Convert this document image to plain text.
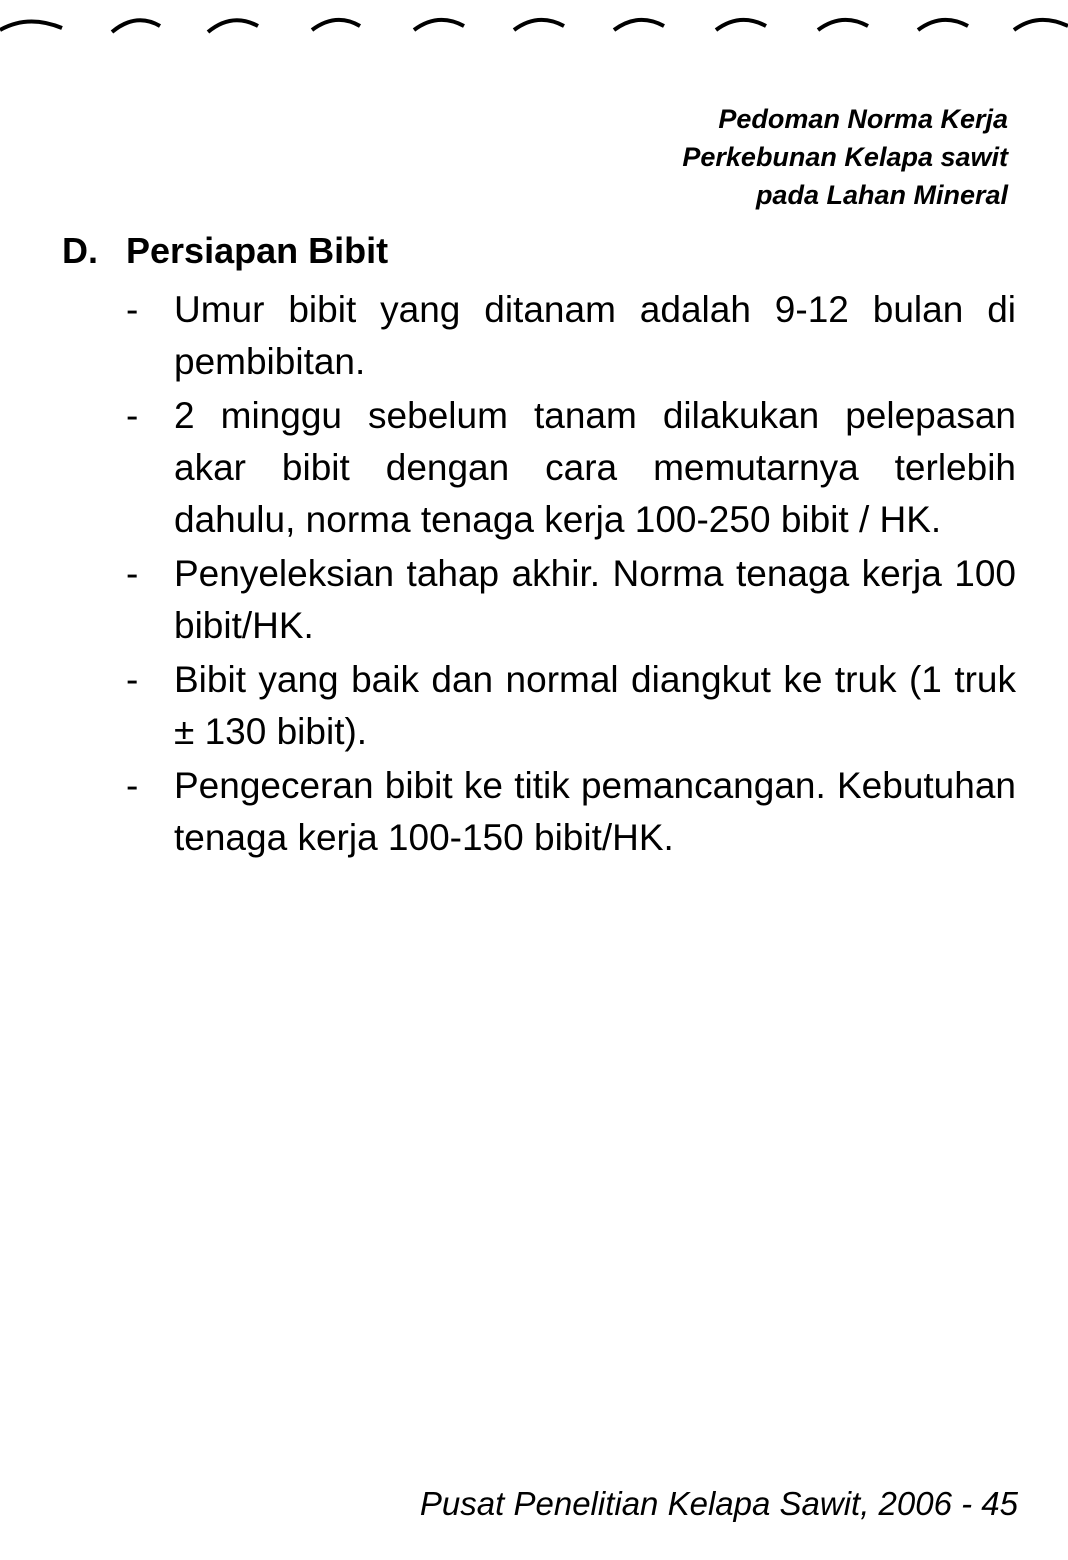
Pedoman Norma Kerja
Perkebunan Kelapa sawit
pada Lahan Mineral
D. Persiapan Bibit
- Umur bibit yang ditanam adalah 9-12 bulan di pembibitan.
- 2 minggu sebelum tanam dilakukan pelepasan akar bibit dengan cara memutarnya terlebih dahulu, norma tenaga kerja 100-250 bibit / HK.
- Penyeleksian tahap akhir. Norma tenaga kerja 100 bibit/HK.
- Bibit yang baik dan normal diangkut ke truk (1 truk ± 130 bibit).
- Pengeceran bibit ke titik pemancangan. Kebutuhan tenaga kerja 100-150 bibit/HK.
Pusat Penelitian Kelapa Sawit, 2006 - 45
